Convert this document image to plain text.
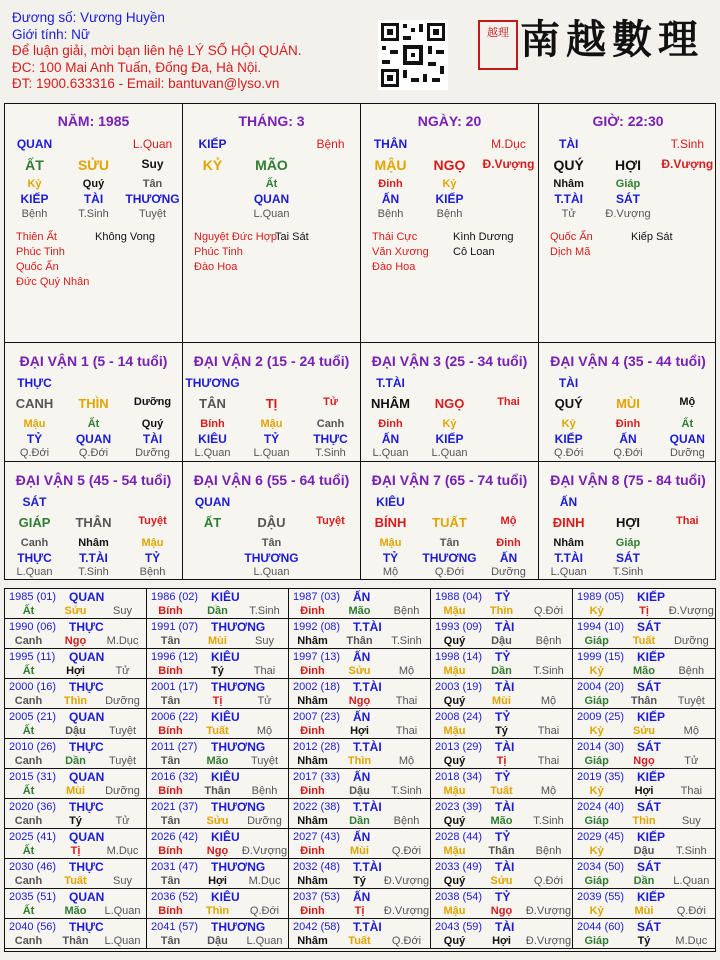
Đương số: Vương Huyền
Giới tính: Nữ
Để luận giải, mời bạn liên hệ LÝ SỐ HỘI QUÁN.
ĐC: 100 Mai Anh Tuấn, Đống Đa, Hà Nội.
ĐT: 1900.633316 - Email: bantuvan@lyso.vn
越理 南越數理
NĂM: 1985
QUAN	L.Quan
ẤT	SỬU	Suy
Kỷ	Quý	Tân
KIẾP	TÀI	THƯƠNG
Bệnh	T.Sinh	Tuyệt
Thiên Ất
Phúc Tinh
Quốc Ấn
Đức Quý Nhân
Không Vong
THÁNG: 3
KIẾP	Bệnh
KỶ	MÃO
Ất
QUAN
L.Quan
Nguyệt Đức Hợp
Phúc Tinh
Đào Hoa
Tai Sát
NGÀY: 20
THÂN	M.Dục
MẬU	NGỌ	Đ.Vượng
Đinh	Kỷ
ẤN	KIẾP
Bệnh	Bệnh
Thái Cực
Văn Xương
Đào Hoa
Kình Dương
Cô Loan
GIỜ: 22:30
TÀI	T.Sinh
QUÝ	HỢI	Đ.Vượng
Nhâm	Giáp
T.TÀI	SÁT
Tử	Đ.Vượng
Quốc Ấn
Dịch Mã
Kiếp Sát
ĐẠI VẬN 1 (5 - 14 tuổi)
THỰC
CANH	THÌN	Dưỡng
Mậu	Ất	Quý
TỶ	QUAN	TÀI
Q.Đới	Q.Đới	Dưỡng
ĐẠI VẬN 2 (15 - 24 tuổi)
THƯƠNG
TÂN	TỊ	Tử
Bính	Mậu	Canh
KIÊU	TỶ	THỰC
L.Quan	L.Quan	T.Sinh
ĐẠI VẬN 3 (25 - 34 tuổi)
T.TÀI
NHÂM	NGỌ	Thai
Đinh	Kỷ
ẤN	KIẾP
L.Quan	L.Quan
ĐẠI VẬN 4 (35 - 44 tuổi)
TÀI
QUÝ	MÙI	Mộ
Kỷ	Đinh	Ất
KIẾP	ẤN	QUAN
Q.Đới	Q.Đới	Dưỡng
ĐẠI VẬN 5 (45 - 54 tuổi)
SÁT
GIÁP	THÂN	Tuyệt
Canh	Nhâm	Mậu
THỰC	T.TÀI	TỶ
L.Quan	T.Sinh	Bệnh
ĐẠI VẬN 6 (55 - 64 tuổi)
QUAN
ẤT	DẬU	Tuyệt
Tân
THƯƠNG
L.Quan
ĐẠI VẬN 7 (65 - 74 tuổi)
KIÊU
BÍNH	TUẤT	Mộ
Mậu	Tân	Đinh
TỶ	THƯƠNG	ẤN
Mộ	Q.Đới	Dưỡng
ĐẠI VẬN 8 (75 - 84 tuổi)
ẤN
ĐINH	HỢI	Thai
Nhâm	Giáp
T.TÀI	SÁT
L.Quan	T.Sinh
1985 (01) QUAN
Ất	Sửu	Suy
1986 (02) KIÊU
Bính	Dần	T.Sinh
1987 (03) ẤN
Đinh	Mão	Bệnh
1988 (04) TỶ
Mậu	Thìn	Q.Đới
1989 (05) KIẾP
Kỷ	Tị	Đ.Vượng
1990 (06) THỰC
Canh	Ngọ	M.Dục
1991 (07) THƯƠNG
Tân	Mùi	Suy
1992 (08) T.TÀI
Nhâm	Thân	T.Sinh
1993 (09) TÀI
Quý	Dậu	Bệnh
1994 (10) SÁT
Giáp	Tuất	Dưỡng
1995 (11) QUAN
Ất	Hợi	Tử
1996 (12) KIÊU
Bính	Tý	Thai
1997 (13) ẤN
Đinh	Sửu	Mộ
1998 (14) TỶ
Mậu	Dần	T.Sinh
1999 (15) KIẾP
Kỷ	Mão	Bệnh
2000 (16) THỰC
Canh	Thìn	Dưỡng
2001 (17) THƯƠNG
Tân	Tị	Tử
2002 (18) T.TÀI
Nhâm	Ngọ	Thai
2003 (19) TÀI
Quý	Mùi	Mộ
2004 (20) SÁT
Giáp	Thân	Tuyệt
2005 (21) QUAN
Ất	Dậu	Tuyệt
2006 (22) KIÊU
Bính	Tuất	Mộ
2007 (23) ẤN
Đinh	Hợi	Thai
2008 (24) TỶ
Mậu	Tý	Thai
2009 (25) KIẾP
Kỷ	Sửu	Mộ
2010 (26) THỰC
Canh	Dần	Tuyệt
2011 (27) THƯƠNG
Tân	Mão	Tuyệt
2012 (28) T.TÀI
Nhâm	Thìn	Mộ
2013 (29) TÀI
Quý	Tị	Thai
2014 (30) SÁT
Giáp	Ngọ	Tử
2015 (31) QUAN
Ất	Mùi	Dưỡng
2016 (32) KIÊU
Bính	Thân	Bệnh
2017 (33) ẤN
Đinh	Dậu	T.Sinh
2018 (34) TỶ
Mậu	Tuất	Mộ
2019 (35) KIẾP
Kỷ	Hợi	Thai
2020 (36) THỰC
Canh	Tý	Tử
2021 (37) THƯƠNG
Tân	Sửu	Dưỡng
2022 (38) T.TÀI
Nhâm	Dần	Bệnh
2023 (39) TÀI
Quý	Mão	T.Sinh
2024 (40) SÁT
Giáp	Thìn	Suy
2025 (41) QUAN
Ất	Tị	M.Dục
2026 (42) KIÊU
Bính	Ngọ	Đ.Vượng
2027 (43) ẤN
Đinh	Mùi	Q.Đới
2028 (44) TỶ
Mậu	Thân	Bệnh
2029 (45) KIẾP
Kỷ	Dậu	T.Sinh
2030 (46) THỰC
Canh	Tuất	Suy
2031 (47) THƯƠNG
Tân	Hợi	M.Dục
2032 (48) T.TÀI
Nhâm	Tý	Đ.Vượng
2033 (49) TÀI
Quý	Sửu	Q.Đới
2034 (50) SÁT
Giáp	Dần	L.Quan
2035 (51) QUAN
Ất	Mão	L.Quan
2036 (52) KIÊU
Bính	Thìn	Q.Đới
2037 (53) ẤN
Đinh	Tị	Đ.Vượng
2038 (54) TỶ
Mậu	Ngọ	Đ.Vượng
2039 (55) KIẾP
Kỷ	Mùi	Q.Đới
2040 (56) THỰC
Canh	Thân	L.Quan
2041 (57) THƯƠNG
Tân	Dậu	L.Quan
2042 (58) T.TÀI
Nhâm	Tuất	Q.Đới
2043 (59) TÀI
Quý	Hợi	Đ.Vượng
2044 (60) SÁT
Giáp	Tý	M.Dục
